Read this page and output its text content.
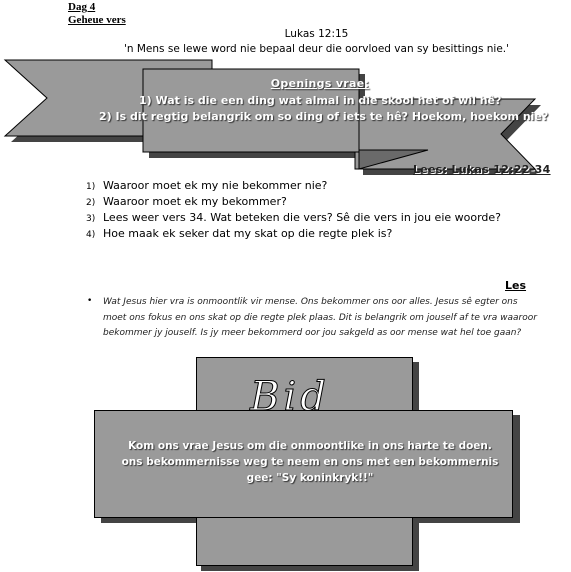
Dag 4
Geheue vers
Lukas 12:15
'n Mens se lewe word nie bepaal deur die oorvloed van sy besittings nie.'
Openings vrae:
1) Wat is die een ding wat almal in die skool het of wil hê?
2) Is dit regtig belangrik om so ding of iets te hê? Hoekom, hoekom nie?
Lees: Lukas 12:22-34
1) Waaroor moet ek my nie bekommer nie?
2) Waaroor moet ek my bekommer?
3) Lees weer vers 34. Wat beteken die vers? Sê die vers in jou eie woorde?
4) Hoe maak ek seker dat my skat op die regte plek is?
Les
• Wat Jesus hier vra is onmoontlik vir mense. Ons bekommer ons oor alles. Jesus sê egter ons moet ons fokus en ons skat op die regte plek plaas. Dit is belangrik om jouself af te vra waaroor bekommer jy jouself. Is jy meer bekommerd oor jou sakgeld as oor mense wat hel toe gaan?
Bid
Kom ons vrae Jesus om die onmoontlike in ons harte te doen.
ons bekommernisse weg te neem en ons met een bekommernis
gee: "Sy koninkryk!!"
